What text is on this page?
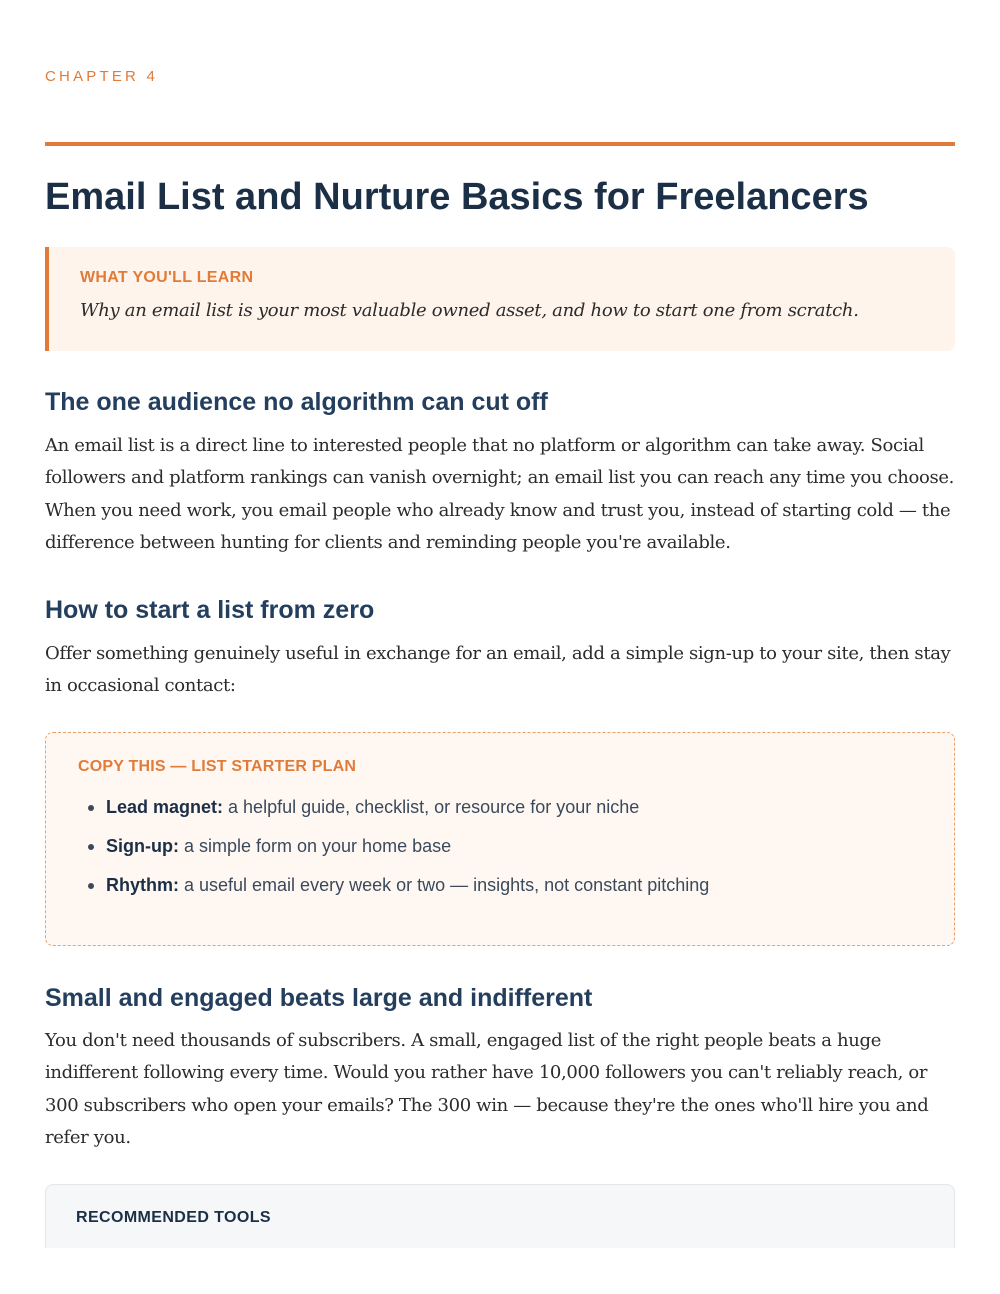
CHAPTER 4
Email List and Nurture Basics for Freelancers
WHAT YOU'LL LEARN
Why an email list is your most valuable owned asset, and how to start one from scratch.
The one audience no algorithm can cut off

An email list is a direct line to interested people that no platform or algorithm can take away. Social followers and platform rankings can vanish overnight; an email list you can reach any time you choose. When you need work, you email people who already know and trust you, instead of starting cold — the difference between hunting for clients and reminding people you're available.

How to start a list from zero

Offer something genuinely useful in exchange for an email, add a simple sign-up to your site, then stay in occasional contact:

COPY THIS — LIST STARTER PLAN
Lead magnet: a helpful guide, checklist, or resource for your niche
Sign-up: a simple form on your home base
Rhythm: a useful email every week or two — insights, not constant pitching
Small and engaged beats large and indifferent

You don't need thousands of subscribers. A small, engaged list of the right people beats a huge indifferent following every time. Would you rather have 10,000 followers you can't reliably reach, or 300 subscribers who open your emails? The 300 win — because they're the ones who'll hire you and refer you.

RECOMMENDED TOOLS
